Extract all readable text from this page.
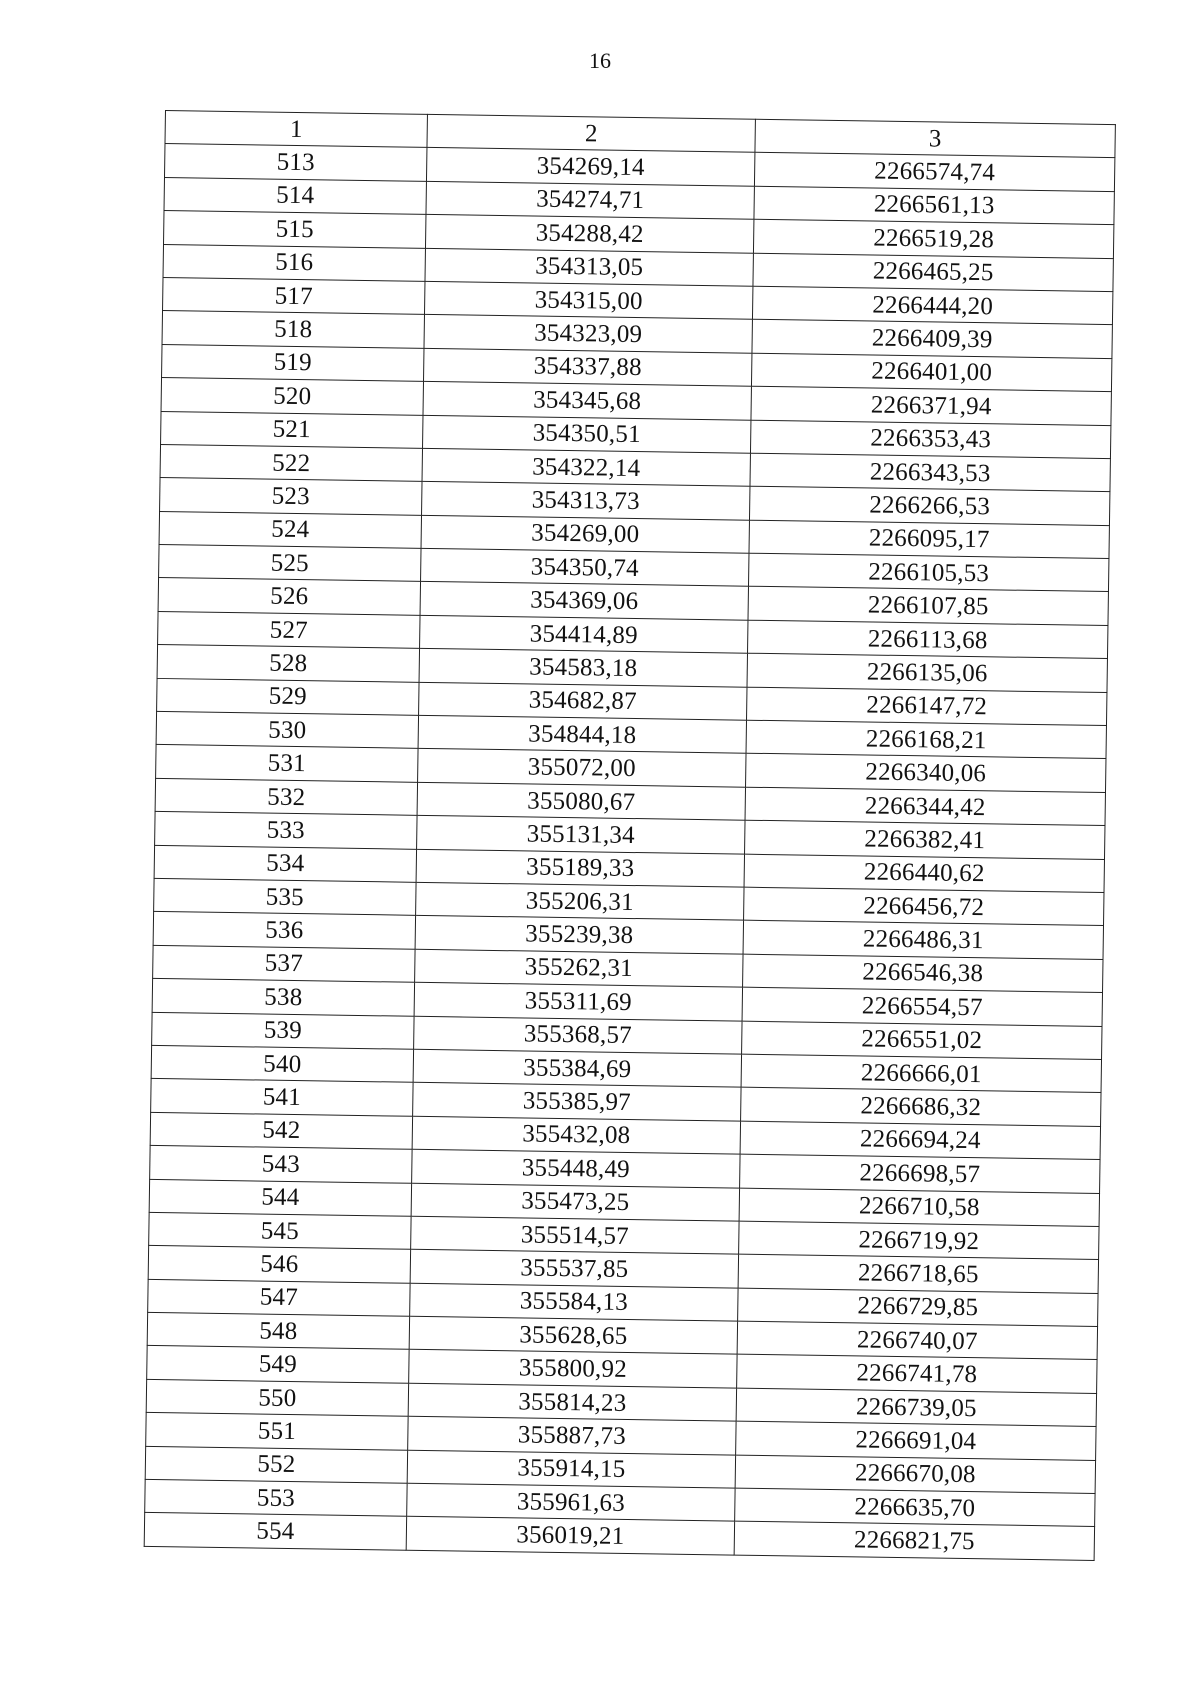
16
1	2	3
513	354269,14	2266574,74
514	354274,71	2266561,13
515	354288,42	2266519,28
516	354313,05	2266465,25
517	354315,00	2266444,20
518	354323,09	2266409,39
519	354337,88	2266401,00
520	354345,68	2266371,94
521	354350,51	2266353,43
522	354322,14	2266343,53
523	354313,73	2266266,53
524	354269,00	2266095,17
525	354350,74	2266105,53
526	354369,06	2266107,85
527	354414,89	2266113,68
528	354583,18	2266135,06
529	354682,87	2266147,72
530	354844,18	2266168,21
531	355072,00	2266340,06
532	355080,67	2266344,42
533	355131,34	2266382,41
534	355189,33	2266440,62
535	355206,31	2266456,72
536	355239,38	2266486,31
537	355262,31	2266546,38
538	355311,69	2266554,57
539	355368,57	2266551,02
540	355384,69	2266666,01
541	355385,97	2266686,32
542	355432,08	2266694,24
543	355448,49	2266698,57
544	355473,25	2266710,58
545	355514,57	2266719,92
546	355537,85	2266718,65
547	355584,13	2266729,85
548	355628,65	2266740,07
549	355800,92	2266741,78
550	355814,23	2266739,05
551	355887,73	2266691,04
552	355914,15	2266670,08
553	355961,63	2266635,70
554	356019,21	2266821,75
